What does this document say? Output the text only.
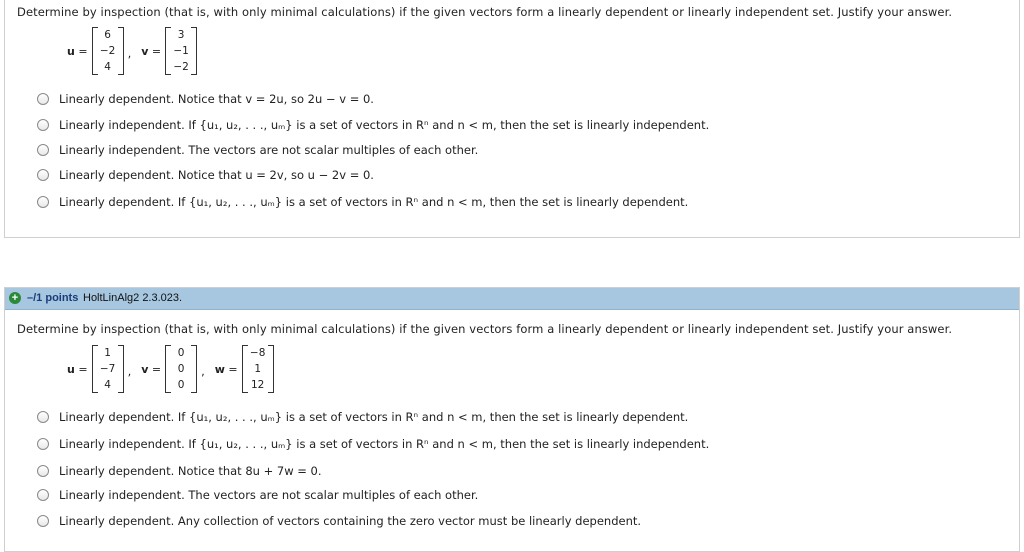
Determine by inspection (that is, with only minimal calculations) if the given vectors form a linearly dependent or linearly independent set. Justify your answer.
u =
6
−2
4
, v =
3
−1
−2
Linearly dependent. Notice that v = 2u, so 2u − v = 0.
Linearly independent. If {u₁, u₂, . . ., uₘ} is a set of vectors in Rⁿ and n < m, then the set is linearly independent.
Linearly independent. The vectors are not scalar multiples of each other.
Linearly dependent. Notice that u = 2v, so u − 2v = 0.
Linearly dependent. If {u₁, u₂, . . ., uₘ} is a set of vectors in Rⁿ and n < m, then the set is linearly dependent.
+ –/1 points HoltLinAlg2 2.3.023.
Determine by inspection (that is, with only minimal calculations) if the given vectors form a linearly dependent or linearly independent set. Justify your answer.
u =
1
−7
4
, v =
0
0
0
, w =
−8
1
12
Linearly dependent. If {u₁, u₂, . . ., uₘ} is a set of vectors in Rⁿ and n < m, then the set is linearly dependent.
Linearly independent. If {u₁, u₂, . . ., uₘ} is a set of vectors in Rⁿ and n < m, then the set is linearly independent.
Linearly dependent. Notice that 8u + 7w = 0.
Linearly independent. The vectors are not scalar multiples of each other.
Linearly dependent. Any collection of vectors containing the zero vector must be linearly dependent.
